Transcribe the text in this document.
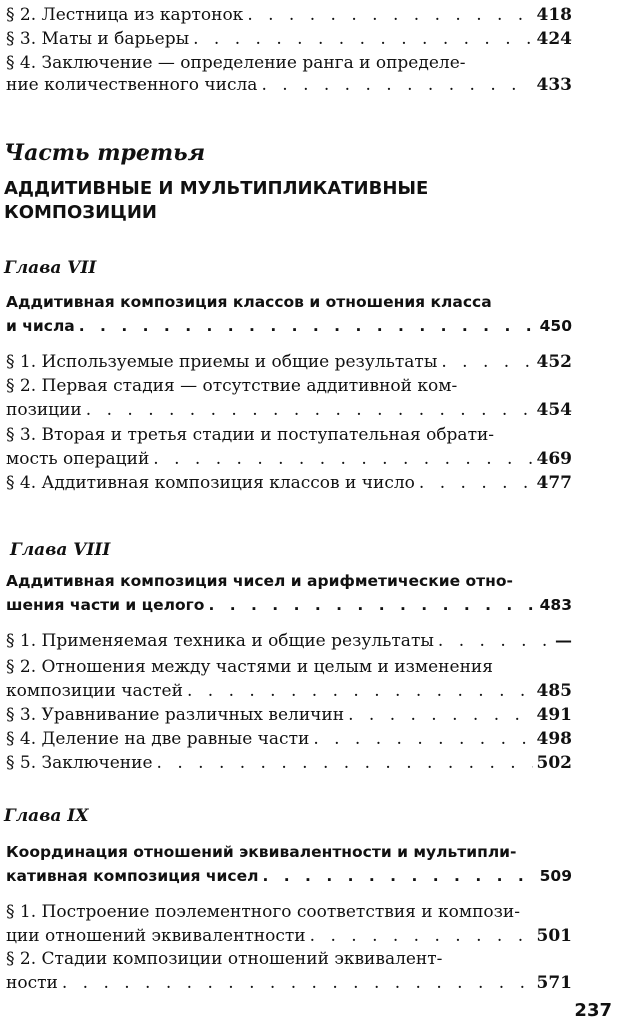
§ 2. Лестница из картонок . . .	418
§ 3. Маты и барьеры . . .	424
§ 4. Заключение — определение ранга и определе-
ние количественного числа . . .	433
Часть третья
АДДИТИВНЫЕ И МУЛЬТИПЛИКАТИВНЫЕ
КОМПОЗИЦИИ
Глава VII
Аддитивная композиция классов и отношения класса
и числа . . .	450
§ 1. Используемые приемы и общие результаты . . .	452
§ 2. Первая стадия — отсутствие аддитивной ком-
позиции . . .	454
§ 3. Вторая и третья стадии и поступательная обрати-
мость операций . . .	469
§ 4. Аддитивная композиция классов и число . . .	477
Глава VIII
Аддитивная композиция чисел и арифметические отно-
шения части и целого . . .	483
§ 1. Применяемая техника и общие результаты . . .	—
§ 2. Отношения между частями и целым и изменения
композиции частей . . .	485
§ 3. Уравнивание различных величин . . .	491
§ 4. Деление на две равные части . . .	498
§ 5. Заключение . . .	502
Глава IX
Координация отношений эквивалентности и мультипли-
кативная композиция чисел . . .	509
§ 1. Построение поэлементного соответствия и компози-
ции отношений эквивалентности . . .	501
§ 2. Стадии композиции отношений эквивалент-
ности . . .	571
237
